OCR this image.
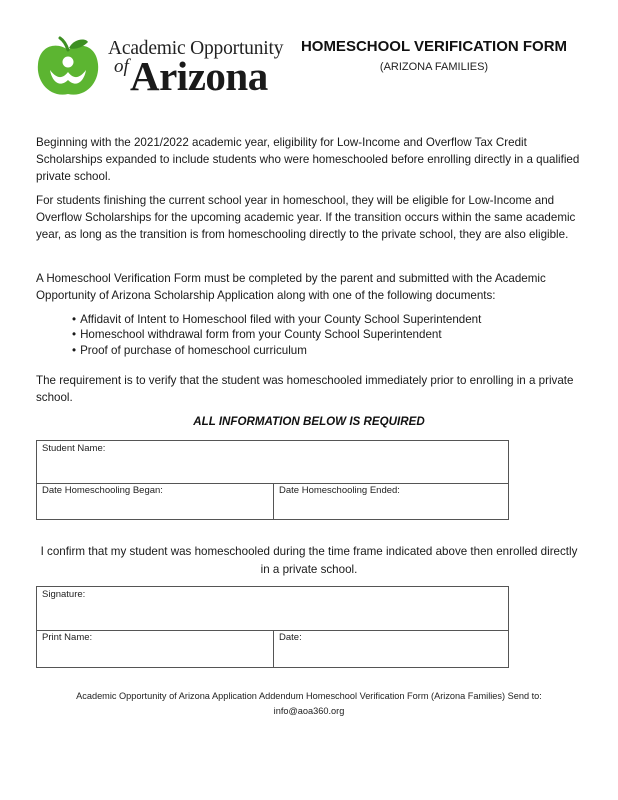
Academic Opportunity
of Arizona
HOMESCHOOL VERIFICATION FORM
(ARIZONA FAMILIES)

Beginning with the 2021/2022 academic year, eligibility for Low-Income and Overflow Tax Credit Scholarships expanded to include students who were homeschooled before enrolling directly in a qualified private school.

For students finishing the current school year in homeschool, they will be eligible for Low-Income and Overflow Scholarships for the upcoming academic year. If the transition occurs within the same academic year, as long as the transition is from homeschooling directly to the private school, they are also eligible.

A Homeschool Verification Form must be completed by the parent and submitted with the Academic Opportunity of Arizona Scholarship Application along with one of the following documents:

• Affidavit of Intent to Homeschool filed with your County School Superintendent
• Homeschool withdrawal form from your County School Superintendent
• Proof of purchase of homeschool curriculum

The requirement is to verify that the student was homeschooled immediately prior to enrolling in a private school.

ALL INFORMATION BELOW IS REQUIRED
Student Name:
Date Homeschooling Began:	Date Homeschooling Ended:

I confirm that my student was homeschooled during the time frame indicated above then enrolled directly in a private school.

Signature:
Print Name:	Date:
Academic Opportunity of Arizona Application Addendum Homeschool Verification Form (Arizona Families) Send to:
info@aoa360.org
